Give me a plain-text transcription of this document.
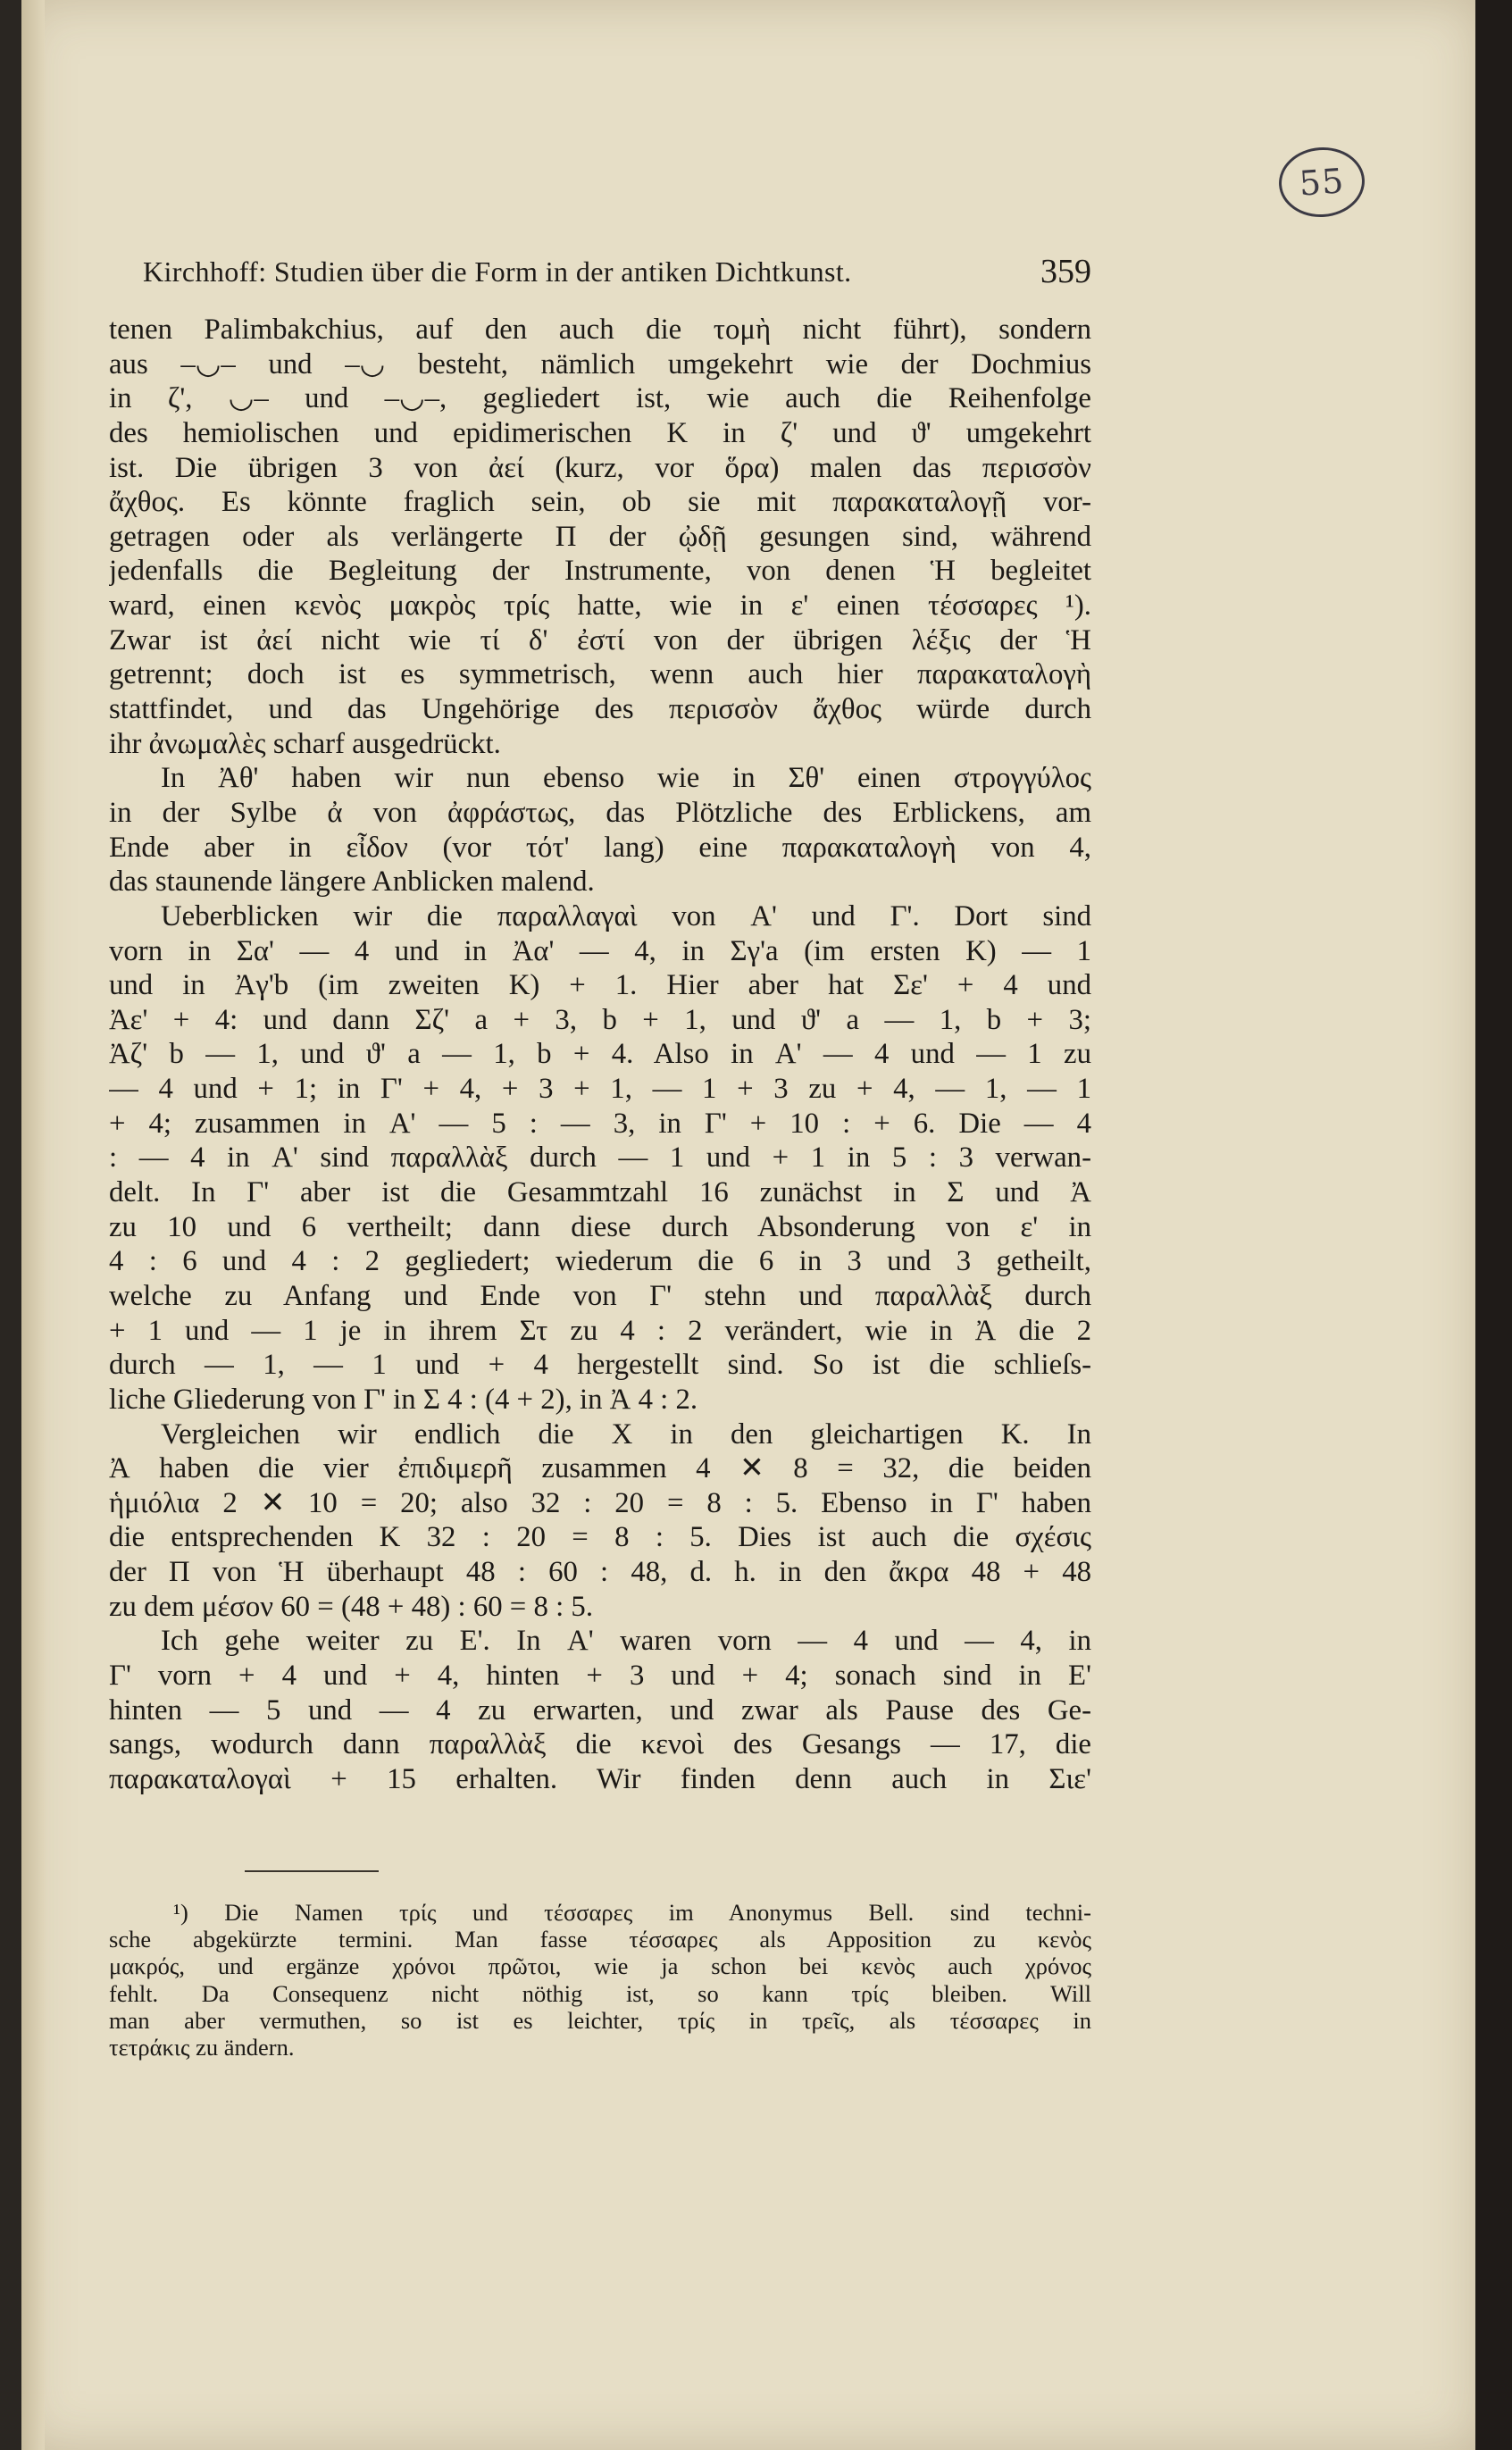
55
Kirchhoff: Studien über die Form in der antiken Dichtkunst.	359
tenen Palimbakchius, auf den auch die τομὴ nicht führt), sondern
aus –◡– und –◡ besteht, nämlich umgekehrt wie der Dochmius
in ζ', ◡– und –◡–, gegliedert ist, wie auch die Reihenfolge
des hemiolischen und epidimerischen K in ζ' und ϑ' umgekehrt
ist. Die übrigen 3 von ἀεί (kurz, vor ὅρα) malen das περισσὸν
ἄχθος. Es könnte fraglich sein, ob sie mit παρακαταλογῇ vor-
getragen oder als verlängerte Π der ᾠδῇ gesungen sind, während
jedenfalls die Begleitung der Instrumente, von denen Ἡ begleitet
ward, einen κενὸς μακρὸς τρίς hatte, wie in ε' einen τέσσαρες ¹).
Zwar ist ἀεί nicht wie τί δ' ἐστί von der übrigen λέξις der Ἡ
getrennt; doch ist es symmetrisch, wenn auch hier παρακαταλογὴ
stattfindet, und das Ungehörige des περισσὸν ἄχθος würde durch
ihr ἀνωμαλὲς scharf ausgedrückt.
In Ἀθ' haben wir nun ebenso wie in Σθ' einen στρογγύλος
in der Sylbe ἀ von ἀφράστως, das Plötzliche des Erblickens, am
Ende aber in εἶδον (vor τότ' lang) eine παρακαταλογὴ von 4,
das staunende längere Anblicken malend.
Ueberblicken wir die παραλλαγαὶ von Α' und Γ'. Dort sind
vorn in Σα' — 4 und in Ἀα' — 4, in Σγ'a (im ersten K) — 1
und in Ἀγ'b (im zweiten K) + 1. Hier aber hat Σε' + 4 und
Ἀε' + 4: und dann Σζ' a + 3, b + 1, und ϑ' a — 1, b + 3;
Ἀζ' b — 1, und ϑ' a — 1, b + 4. Also in Α' — 4 und — 1 zu
— 4 und + 1; in Γ' + 4, + 3 + 1, — 1 + 3 zu + 4, — 1, — 1
+ 4; zusammen in Α' — 5 : — 3, in Γ' + 10 : + 6. Die — 4
: — 4 in Α' sind παραλλὰξ durch — 1 und + 1 in 5 : 3 verwan-
delt. In Γ' aber ist die Gesammtzahl 16 zunächst in Σ und Ἀ
zu 10 und 6 vertheilt; dann diese durch Absonderung von ε' in
4 : 6 und 4 : 2 gegliedert; wiederum die 6 in 3 und 3 getheilt,
welche zu Anfang und Ende von Γ' stehn und παραλλὰξ durch
+ 1 und — 1 je in ihrem Στ zu 4 : 2 verändert, wie in Ἀ die 2
durch — 1, — 1 und + 4 hergestellt sind. So ist die schlieſs-
liche Gliederung von Γ' in Σ 4 : (4 + 2), in Ἀ 4 : 2.
Vergleichen wir endlich die X in den gleichartigen K. In
Ἀ haben die vier ἐπιδιμερῆ zusammen 4 ✕ 8 = 32, die beiden
ἡμιόλια 2 ✕ 10 = 20; also 32 : 20 = 8 : 5. Ebenso in Γ' haben
die entsprechenden K 32 : 20 = 8 : 5. Dies ist auch die σχέσις
der Π von Ἡ überhaupt 48 : 60 : 48, d. h. in den ἄκρα 48 + 48
zu dem μέσον 60 = (48 + 48) : 60 = 8 : 5.
Ich gehe weiter zu Ε'. In Α' waren vorn — 4 und — 4, in
Γ' vorn + 4 und + 4, hinten + 3 und + 4; sonach sind in Ε'
hinten — 5 und — 4 zu erwarten, und zwar als Pause des Ge-
sangs, wodurch dann παραλλὰξ die κενοὶ des Gesangs — 17, die
παρακαταλογαὶ + 15 erhalten. Wir finden denn auch in Σιε'
¹) Die Namen τρίς und τέσσαρες im Anonymus Bell. sind techni-
sche abgekürzte termini. Man fasse τέσσαρες als Apposition zu κενὸς
μακρός, und ergänze χρόνοι πρῶτοι, wie ja schon bei κενὸς auch χρόνος
fehlt. Da Consequenz nicht nöthig ist, so kann τρίς bleiben. Will
man aber vermuthen, so ist es leichter, τρίς in τρεῖς, als τέσσαρες in
τετράκις zu ändern.
